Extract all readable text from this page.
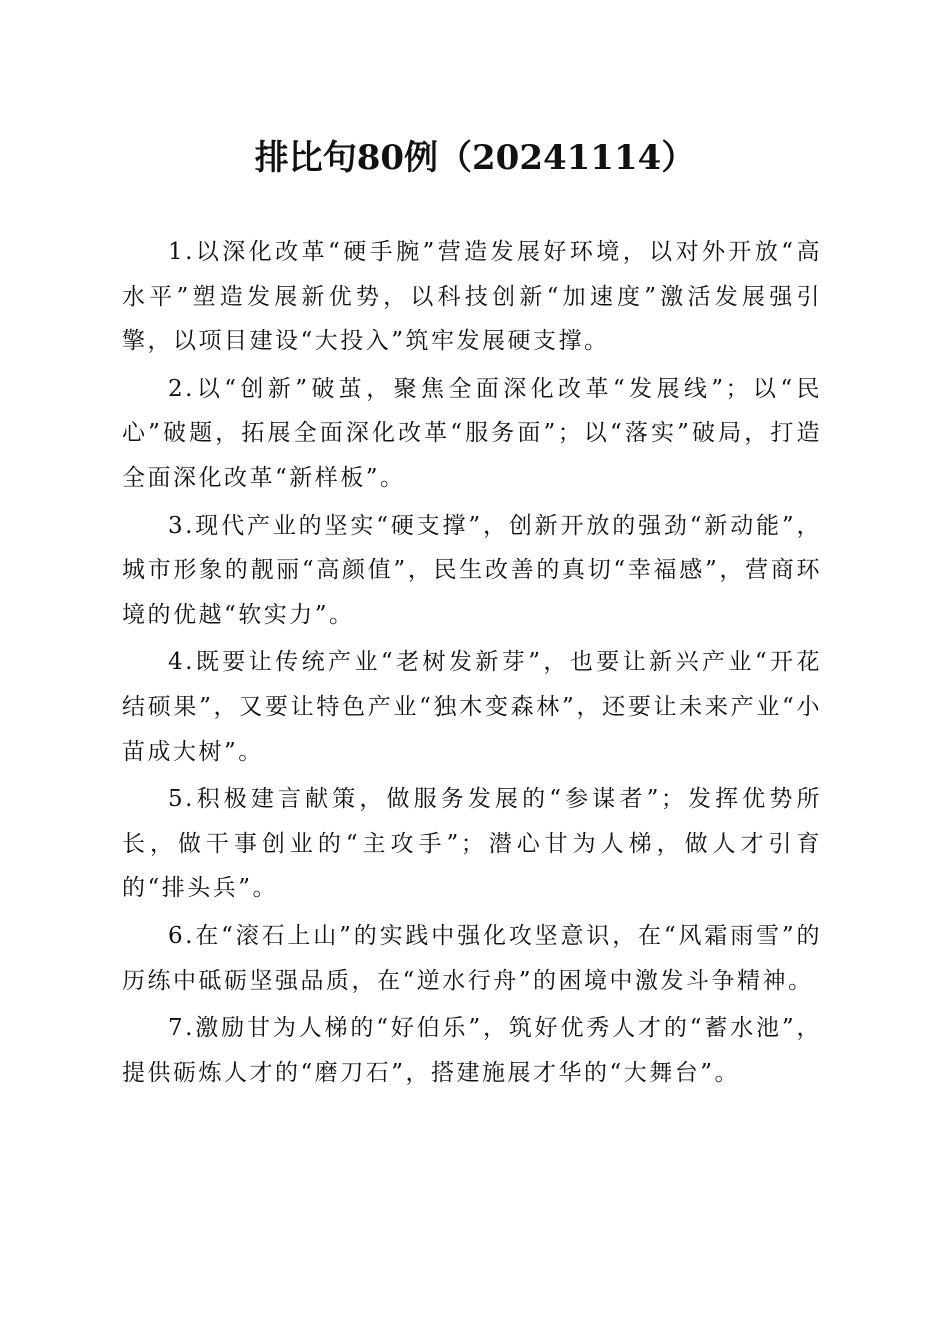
排比句80例（20241114）

1.以深化改革“硬手腕”营造发展好环境，以对外开放“高水平”塑造发展新优势，以科技创新“加速度”激活发展强引擎，以项目建设“大投入”筑牢发展硬支撑。

2.以“创新”破茧，聚焦全面深化改革“发展线”；以“民心”破题，拓展全面深化改革“服务面”；以“落实”破局，打造全面深化改革“新样板”。

3.现代产业的坚实“硬支撑”，创新开放的强劲“新动能”，城市形象的靓丽“高颜值”，民生改善的真切“幸福感”，营商环境的优越“软实力”。

4.既要让传统产业“老树发新芽”，也要让新兴产业“开花结硕果”，又要让特色产业“独木变森林”，还要让未来产业“小苗成大树”。

5.积极建言献策，做服务发展的“参谋者”；发挥优势所长，做干事创业的“主攻手”；潜心甘为人梯，做人才引育的“排头兵”。

6.在“滚石上山”的实践中强化攻坚意识，在“风霜雨雪”的历练中砥砺坚强品质，在“逆水行舟”的困境中激发斗争精神。

7.激励甘为人梯的“好伯乐”，筑好优秀人才的“蓄水池”，提供砺炼人才的“磨刀石”，搭建施展才华的“大舞台”。
